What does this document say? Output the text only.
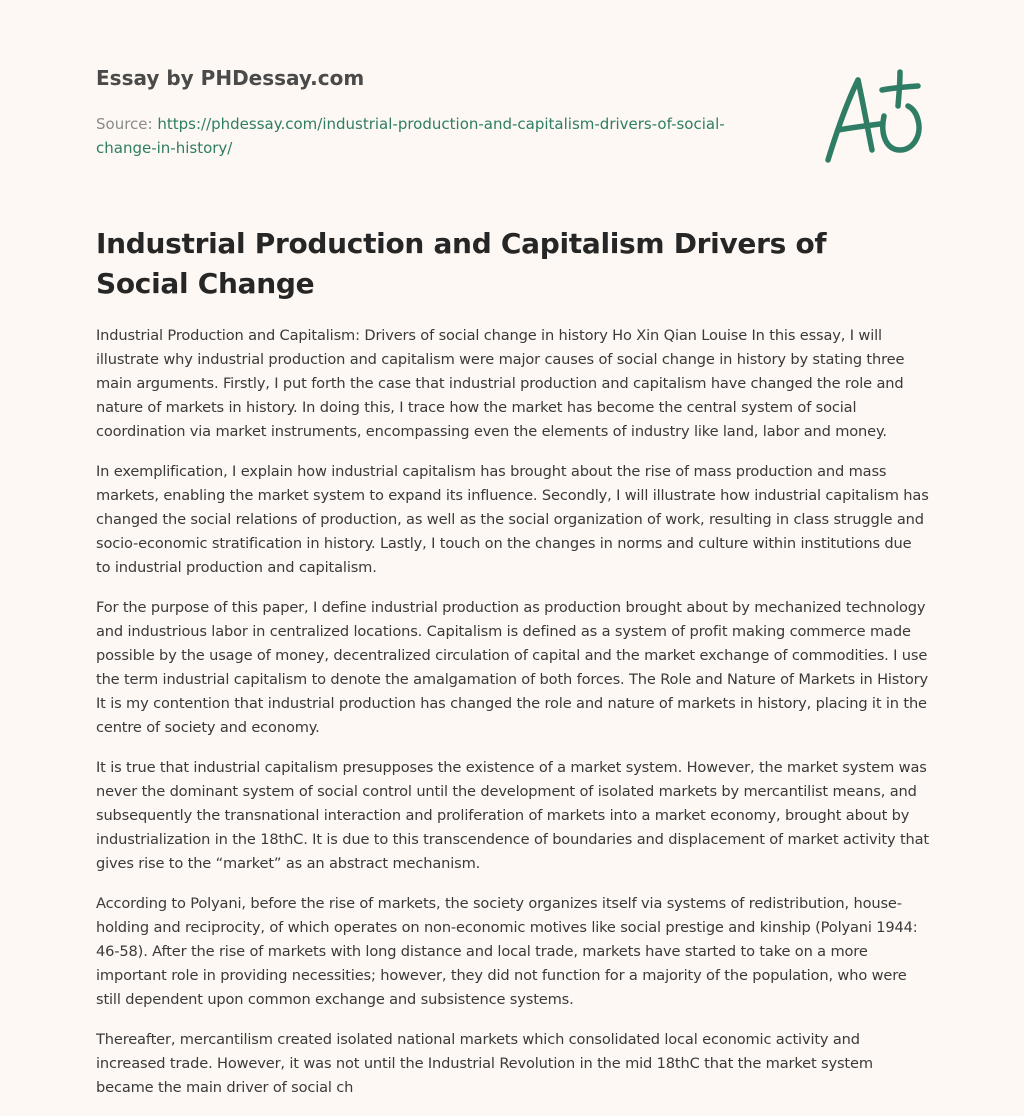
Essay by PHDessay.com
Source: https://phdessay.com/industrial-production-and-capitalism-drivers-of-social-change-in-history/
Industrial Production and Capitalism Drivers of Social Change

Industrial Production and Capitalism: Drivers of social change in history Ho Xin Qian Louise In this essay, I will illustrate why industrial production and capitalism were major causes of social change in history by stating three main arguments. Firstly, I put forth the case that industrial production and capitalism have changed the role and nature of markets in history. In doing this, I trace how the market has become the central system of social coordination via market instruments, encompassing even the elements of industry like land, labor and money.

In exemplification, I explain how industrial capitalism has brought about the rise of mass production and mass markets, enabling the market system to expand its influence. Secondly, I will illustrate how industrial capitalism has changed the social relations of production, as well as the social organization of work, resulting in class struggle and socio-economic stratification in history. Lastly, I touch on the changes in norms and culture within institutions due to industrial production and capitalism.

For the purpose of this paper, I define industrial production as production brought about by mechanized technology and industrious labor in centralized locations. Capitalism is defined as a system of profit making commerce made possible by the usage of money, decentralized circulation of capital and the market exchange of commodities. I use the term industrial capitalism to denote the amalgamation of both forces. The Role and Nature of Markets in History It is my contention that industrial production has changed the role and nature of markets in history, placing it in the centre of society and economy.

It is true that industrial capitalism presupposes the existence of a market system. However, the market system was never the dominant system of social control until the development of isolated markets by mercantilist means, and subsequently the transnational interaction and proliferation of markets into a market economy, brought about by industrialization in the 18thC. It is due to this transcendence of boundaries and displacement of market activity that gives rise to the “market” as an abstract mechanism.

According to Polyani, before the rise of markets, the society organizes itself via systems of redistribution, house-holding and reciprocity, of which operates on non-economic motives like social prestige and kinship (Polyani 1944: 46-58). After the rise of markets with long distance and local trade, markets have started to take on a more important role in providing necessities; however, they did not function for a majority of the population, who were still dependent upon common exchange and subsistence systems.

Thereafter, mercantilism created isolated national markets which consolidated local economic activity and increased trade. However, it was not until the Industrial Revolution in the mid 18thC that the market system became the main driver of social ch
